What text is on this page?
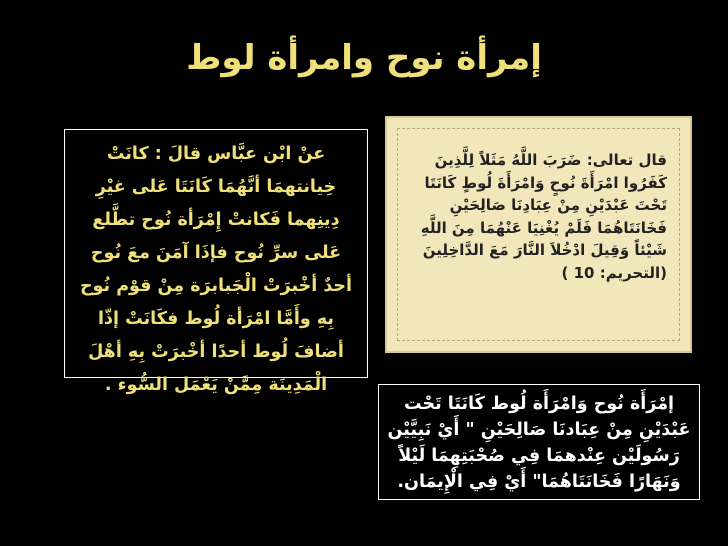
إمرأة نوح وامرأة لوط

عنْ ابْن عبَّاس قالَ : كانَتْ خِيانتهمَا أنَّهُمَا كَانَتَا عَلى غيْرِ دِينِهما فَكانتْ إِمْرَأة نُوح تطَّلع عَلى سرِّ نُوح فإذَا آمَنَ معَ نُوح أحدٌ أخْبرَتْ الْجَبابرَة مِنْ قوْم نُوح بِهِ وأَمَّا امْرَأة لُوط فكَانَتْ إذّا أضافَ لُوط أحدًا أخْبرَتْ بِهِ أهْلَ الْمَدِينَة مِمَّنْ يَعْمَل السُّوء .

قال تعالى: ضَرَبَ اللَّهُ مَثَلاً لِلَّذِينَ كَفَرُوا امْرَأَةَ نُوحٍ وَامْرَأَةَ لُوطٍ كَانَتَا تَحْتَ عَبْدَيْنِ مِنْ عِبَادِنَا صَالِحَيْنِ فَخَانَتَاهُمَا فَلَمْ يُغْنِيَا عَنْهُمَا مِنَ اللَّهِ شَيْئاً وَقِيلَ ادْخُلاَ النَّارَ مَعَ الدَّاخِلِينَ (التحريم: 10 )

إمْرَأَة نُوح وَامْرَأَة لُوط كَانَتَا تَحْت عَبْدَيْنِ مِنْ عِبَادنَا صَالِحَيْنِ " أَيْ نَبِيَّيْن رَسُولَيْن عِنْدهمَا فِي صُحْبَتِهِمَا لَيْلاً وَنَهَارًا فَخَانَتَاهُمَا" أَيْ فِي الْإِيمَان.
